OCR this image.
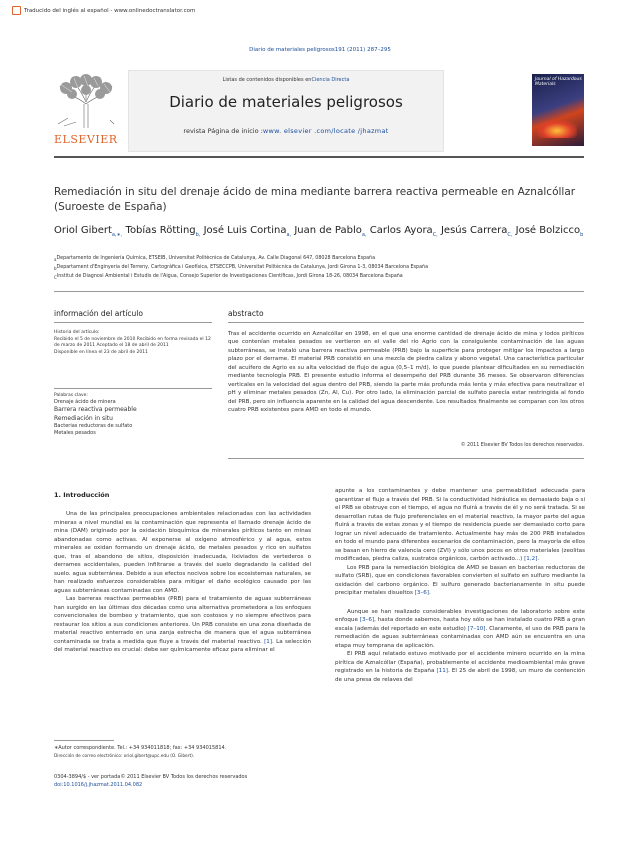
Traducido del inglés al español - www.onlinedoctranslator.com
Diario de materiales peligrosos191 (2011) 287–295
ELSEVIER
Listas de contenidos disponibles enCiencia Directa
Diario de materiales peligrosos
revista Página de inicio :www. elsevier .com/locate /jhazmat
Journal of Hazardous Materials
Remediación in situ del drenaje ácido de mina mediante barrera reactiva permeable en Aznalcóllar (Suroeste de España)
Oriol Gibert$_{a,∗,}$ Tobías Rötting$_{b,}$ José Luis Cortina$_{a,}$ Juan de Pablo$_{a,}$ Carlos Ayora$_{C,}$ Jesús Carrera$_{C,}$ José Bolzicco$_b$
$_a$Departamento de Ingeniería Química, ETSEIB, Universitat Politècnica de Catalunya, Av. Calle Diagonal 647, 08028 Barcelona España
$_b$Departament d'Enginyeria del Terreny, Cartogràfica i Geofísica, ETSECCPB, Universitat Politècnica de Catalunya, Jordi Girona 1-3, 08034 Barcelona España
$_C$Institut de Diagnosi Ambiental i Estudis de l'Aigua, Consejo Superior de Investigaciones Científicas, Jordi Girona 18-26, 08034 Barcelona España
información del artículo
Historia del artículo:
Recibido el 5 de noviembre de 2010 Recibido en forma revisada el 12 de marzo de 2011 Aceptado el 18 de abril de 2011
Disponible en línea el 23 de abril de 2011
Palabras clave:
Drenaje ácido de minera
Barrera reactiva permeable
Remediación in situ
Bacterias reductoras de sulfato
Metales pesados
abstracto
Tras el accidente ocurrido en Aznalcóllar en 1998, en el que una enorme cantidad de drenaje ácido de mina y lodos piríticos que contenían metales pesados se vertieron en el valle del río Agrio con la consiguiente contaminación de las aguas subterráneas, se instaló una barrera reactiva permeable (PRB) bajo la superficie para proteger mitigar los impactos a largo plazo por el derrame. El material PRB consistió en una mezcla de piedra caliza y abono vegetal. Una característica particular del acuífero de Agrio es su alta velocidad de flujo de agua (0,5–1 m/d), lo que puede plantear dificultades en su remediación mediante tecnología PRB. El presente estudio informa el desempeño del PRB durante 36 meses. Se observaron diferencias verticales en la velocidad del agua dentro del PRB, siendo la parte más profunda más lenta y más efectiva para neutralizar el pH y eliminar metales pesados (Zn, Al, Cu). Por otro lado, la eliminación parcial de sulfato parecía estar restringida al fondo del PRB, pero sin influencia aparente en la calidad del agua descendente. Los resultados finalmente se comparan con los otros cuatro PRB existentes para AMD en todo el mundo.
© 2011 Elsevier BV Todos los derechos reservados.
1. Introducción

Una de las principales preocupaciones ambientales relacionadas con las actividades mineras a nivel mundial es la contaminación que representa el llamado drenaje ácido de mina (DAM) originado por la oxidación bioquímica de minerales piríticos tanto en minas abandonadas como activas. Al exponerse al oxígeno atmosférico y al agua, estos minerales se oxidan formando un drenaje ácido, de metales pesados y rico en sulfatos que, tras el abandono de sitios, disposición inadecuada, lixiviados de vertederos o derrames accidentales, pueden infiltrarse a través del suelo degradando la calidad del suelo. agua subterránea. Debido a sus efectos nocivos sobre los ecosistemas naturales, se han realizado esfuerzos considerables para mitigar el daño ecológico causado por las aguas subterráneas contaminadas con AMD.

Las barreras reactivas permeables (PRB) para el tratamiento de aguas subterráneas han surgido en las últimas dos décadas como una alternativa prometedora a los enfoques convencionales de bombeo y tratamiento, que son costosos y no siempre efectivos para restaurar los sitios a sus condiciones anteriores. Un PRB consiste en una zona diseñada de material reactivo enterrado en una zanja estrecha de manera que el agua subterránea contaminada se trata a medida que fluye a través del material reactivo. [1]. La selección del material reactivo es crucial: debe ser químicamente eficaz para eliminar el

apunte a los contaminantes y debe mantener una permeabilidad adecuada para garantizar el flujo a través del PRB. Si la conductividad hidráulica es demasiado baja o si el PRB se obstruye con el tiempo, el agua no fluirá a través de él y no será tratada. Si se desarrollan rutas de flujo preferenciales en el material reactivo, la mayor parte del agua fluirá a través de estas zonas y el tiempo de residencia puede ser demasiado corto para lograr un nivel adecuado de tratamiento. Actualmente hay más de 200 PRB instalados en todo el mundo para diferentes escenarios de contaminación, pero la mayoría de ellos se basan en hierro de valencia cero (ZVI) y sólo unos pocos en otros materiales (zeolitas modificadas, piedra caliza, sustratos orgánicos, carbón activado...) [1,2].

Los PRB para la remediación biológica de AMD se basan en bacterias reductoras de sulfato (SRB), que en condiciones favorables convierten el sulfato en sulfuro mediante la oxidación del carbono orgánico. El sulfuro generado bacterianamente in situ puede precipitar metales disueltos [3–6].

Aunque se han realizado considerables investigaciones de laboratorio sobre este enfoque [3–6], hasta donde sabemos, hasta hoy sólo se han instalado cuatro PRB a gran escala (además del reportado en este estudio) [7–10]. Claramente, el uso de PRB para la remediación de aguas subterráneas contaminadas con AMD aún se encuentra en una etapa muy temprana de aplicación.

El PRB aquí relatado estuvo motivado por el accidente minero ocurrido en la mina pirítica de Aznalcóllar (España), probablemente el accidente medioambiental más grave registrado en la historia de España [11]. El 25 de abril de 1998, un muro de contención de una presa de relaves del

∗Autor correspondiente. Tel.: +34 934011818; fax: +34 934015814.
Dirección de correo electrónico: oriol.gibert@upc.edu (O. Gibert).
0304-3894/$ - ver portada© 2011 Elsevier BV Todos los derechos reservados
doi:10.1016/j.jhazmat.2011.04.082
